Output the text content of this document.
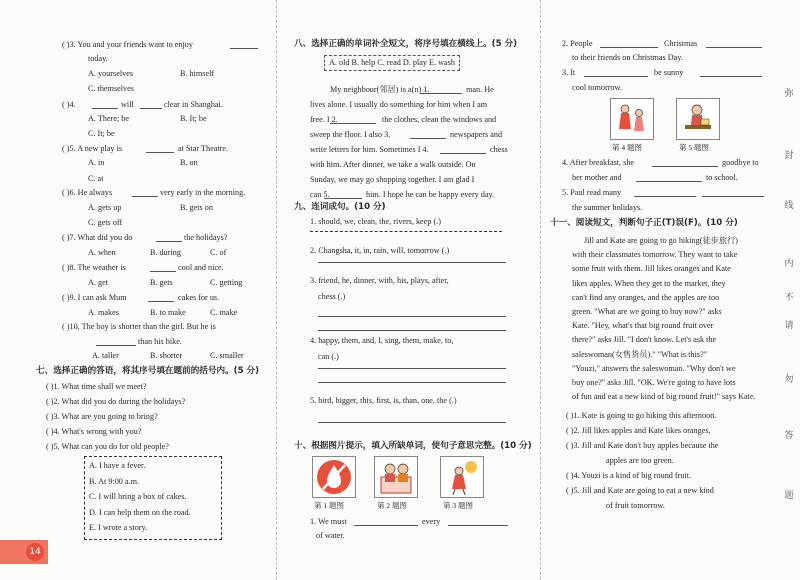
( )3. You and your friends want to enjoy
today.
A. yourselves	B. himself
C. themselves
( )4.	will	clear in Shanghai.
A. There; be	B. It; be
C. It; be
( )5. A new play is	at Star Theatre.
A. in	B. on
C. at
( )6. He always	very early in the morning.
A. gets up	B. gets on
C. gets off
( )7. What did you do	the holidays?
A. when	B. during	C. of
( )8. The weather is	cool and nice.
A. get	B. gets	C. getting
( )9. I can ask Mum	cakes for us.
A. makes	B. to make	C. make
( )10. The boy is shorter than the girl. But he is
than his bike.
A. taller	B. shorter	C. smaller
七、选择正确的答语，将其序号填在题前的括号内。(5 分)
( )1. What time shall we meet?
( )2. What did you do during the holidays?
( )3. What are you going to bring?
( )4. What's wrong with you?
( )5. What can you do for old people?
A. I have a fever.
B. At 9:00 a.m.
C. I will bring a box of cakes.
D. I can help them on the road.
E. I wrote a story.
八、选择正确的单词补全短文，将序号填在横线上。(5 分)
A. old B. help C. read D. play E. wash
My neighbour(邻居) is a(n) 1.	man. He
lives alone. I usually do something for him when I am
free. I 2.	the clothes, clean the windows and
sweep the floor. I also 3.	newspapers and
write letters for him. Sometimes I 4.	chess
with him. After dinner, we take a walk outside. On
Sunday, we may go shopping together. I am glad I
can 5.	him. I hope he can be happy every day.
九、连词成句。(10 分)
1. should, we, clean, the, rivers, keep (.)
2. Changsha, it, in, rain, will, tomorrow (.)
3. friend, he, dinner, with, his, plays, after,
chess (.)
4. happy, them, and, I, sing, them, make, to,
can (.)
5. bird, bigger, this, first, is, than, one, the (.)
十、根据图片提示，填入所缺单词，使句子意思完整。(10 分)
第 1 题图	第 2 题图	第 3 题图
1. We must	every
of water.
2. People	Christmas
to their friends on Christmas Day.
3. It	be sunny
cool tomorrow.
第 4 题图	第 5 题图
4. After breakfast, she	goodbye to
her mother and	to school.
5. Paul read many
the summer holidays.
十一、阅读短文，判断句子正(T)误(F)。(10 分)
Jill and Kate are going to go hiking(徒步旅行)
with their classmates tomorrow. They want to take
some fruit with them. Jill likes oranges and Kate
likes apples. When they get to the market, they
can't find any oranges, and the apples are too
green. "What are we going to buy now?" asks
Kate. "Hey, what's that big round fruit over
there?" asks Jill. "I don't know. Let's ask the
saleswoman(女售货员)." "What is this?"
"Youzi," answers the saleswoman. "Why don't we
buy one?" asks Jill. "OK. We're going to have lots
of fun and eat a new kind of big round fruit!" says Kate.
( )1. Kate is going to go hiking this afternoon.
( )2. Jill likes apples and Kate likes oranges.
( )3. Jill and Kate don't buy apples because the
apples are too green.
( )4. Youzi is a kind of big round fruit.
( )5. Jill and Kate are going to eat a new kind
of fruit tomorrow.
弥
封
线
内
不
请
勿
答
题
14
